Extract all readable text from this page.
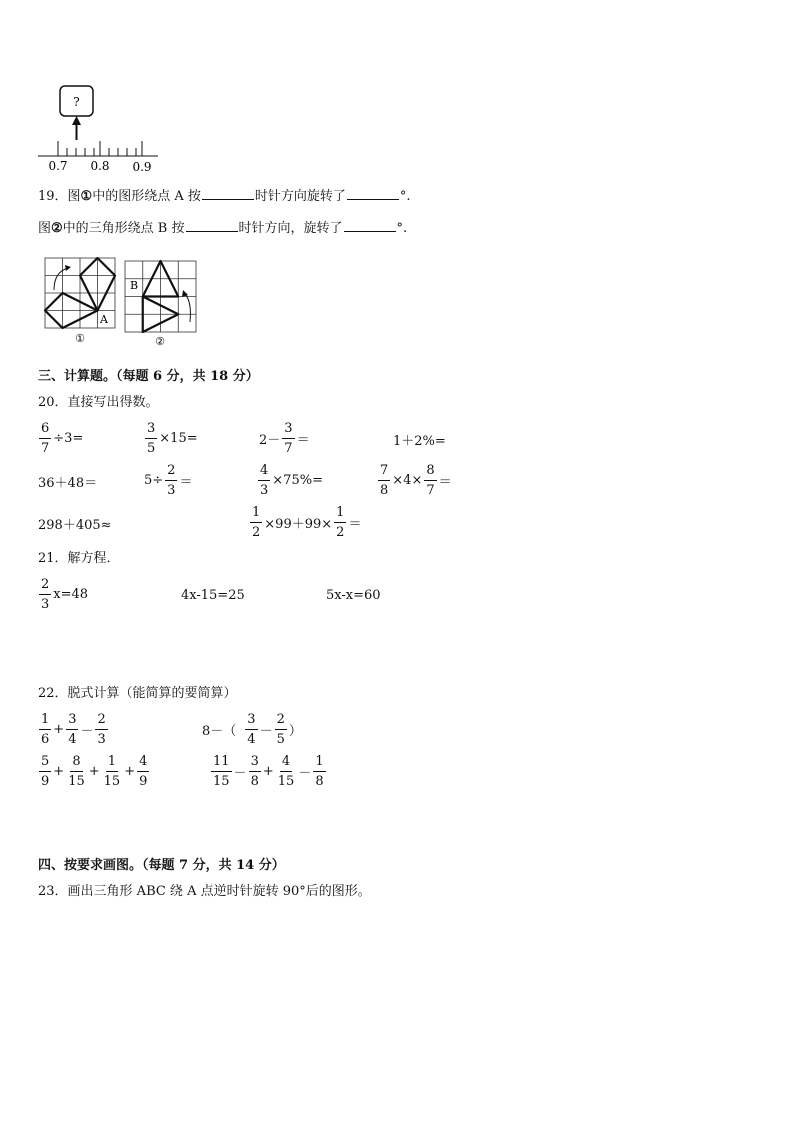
?
0.7 0.8 0.9
19．图①中的图形绕点 A 按	时针方向旋转了	°.
图②中的三角形绕点 B 按	时针方向，旋转了	°.
A
①
B
②
三、计算题。（每题 6 分，共 18 分）
20．直接写出得数。
$\frac{6}{7} \div 3=$	$\frac{3}{5} \times 15=$	$2- \frac{3}{7}$ ＝	1＋2%=
36＋48＝	$5\div \frac{2}{3}$ ＝	$\frac{4}{3} \times 75\%=$	$\frac{7}{8} \times 4\times \frac{8}{7}$ ＝
298＋405≈	$\frac{1}{2} \times 99+99\times \frac{1}{2}$ ＝
21．解方程．
$\frac{2}{3} x=48$	4x-15=25	5x-x=60
22．脱式计算（能简算的要简算）
$\frac{1}{6} + \frac{3}{4} - \frac{2}{3}$	$8-( \frac{3}{4} - \frac{2}{5}$ ）
$\frac{5}{9} + \frac{8}{15} + \frac{1}{15} + \frac{4}{9}$	$\frac{11}{15} - \frac{3}{8} + \frac{4}{15} - \frac{1}{8}$
四、按要求画图。（每题 7 分，共 14 分）
23．画出三角形 ABC 绕 A 点逆时针旋转 90°后的图形。
